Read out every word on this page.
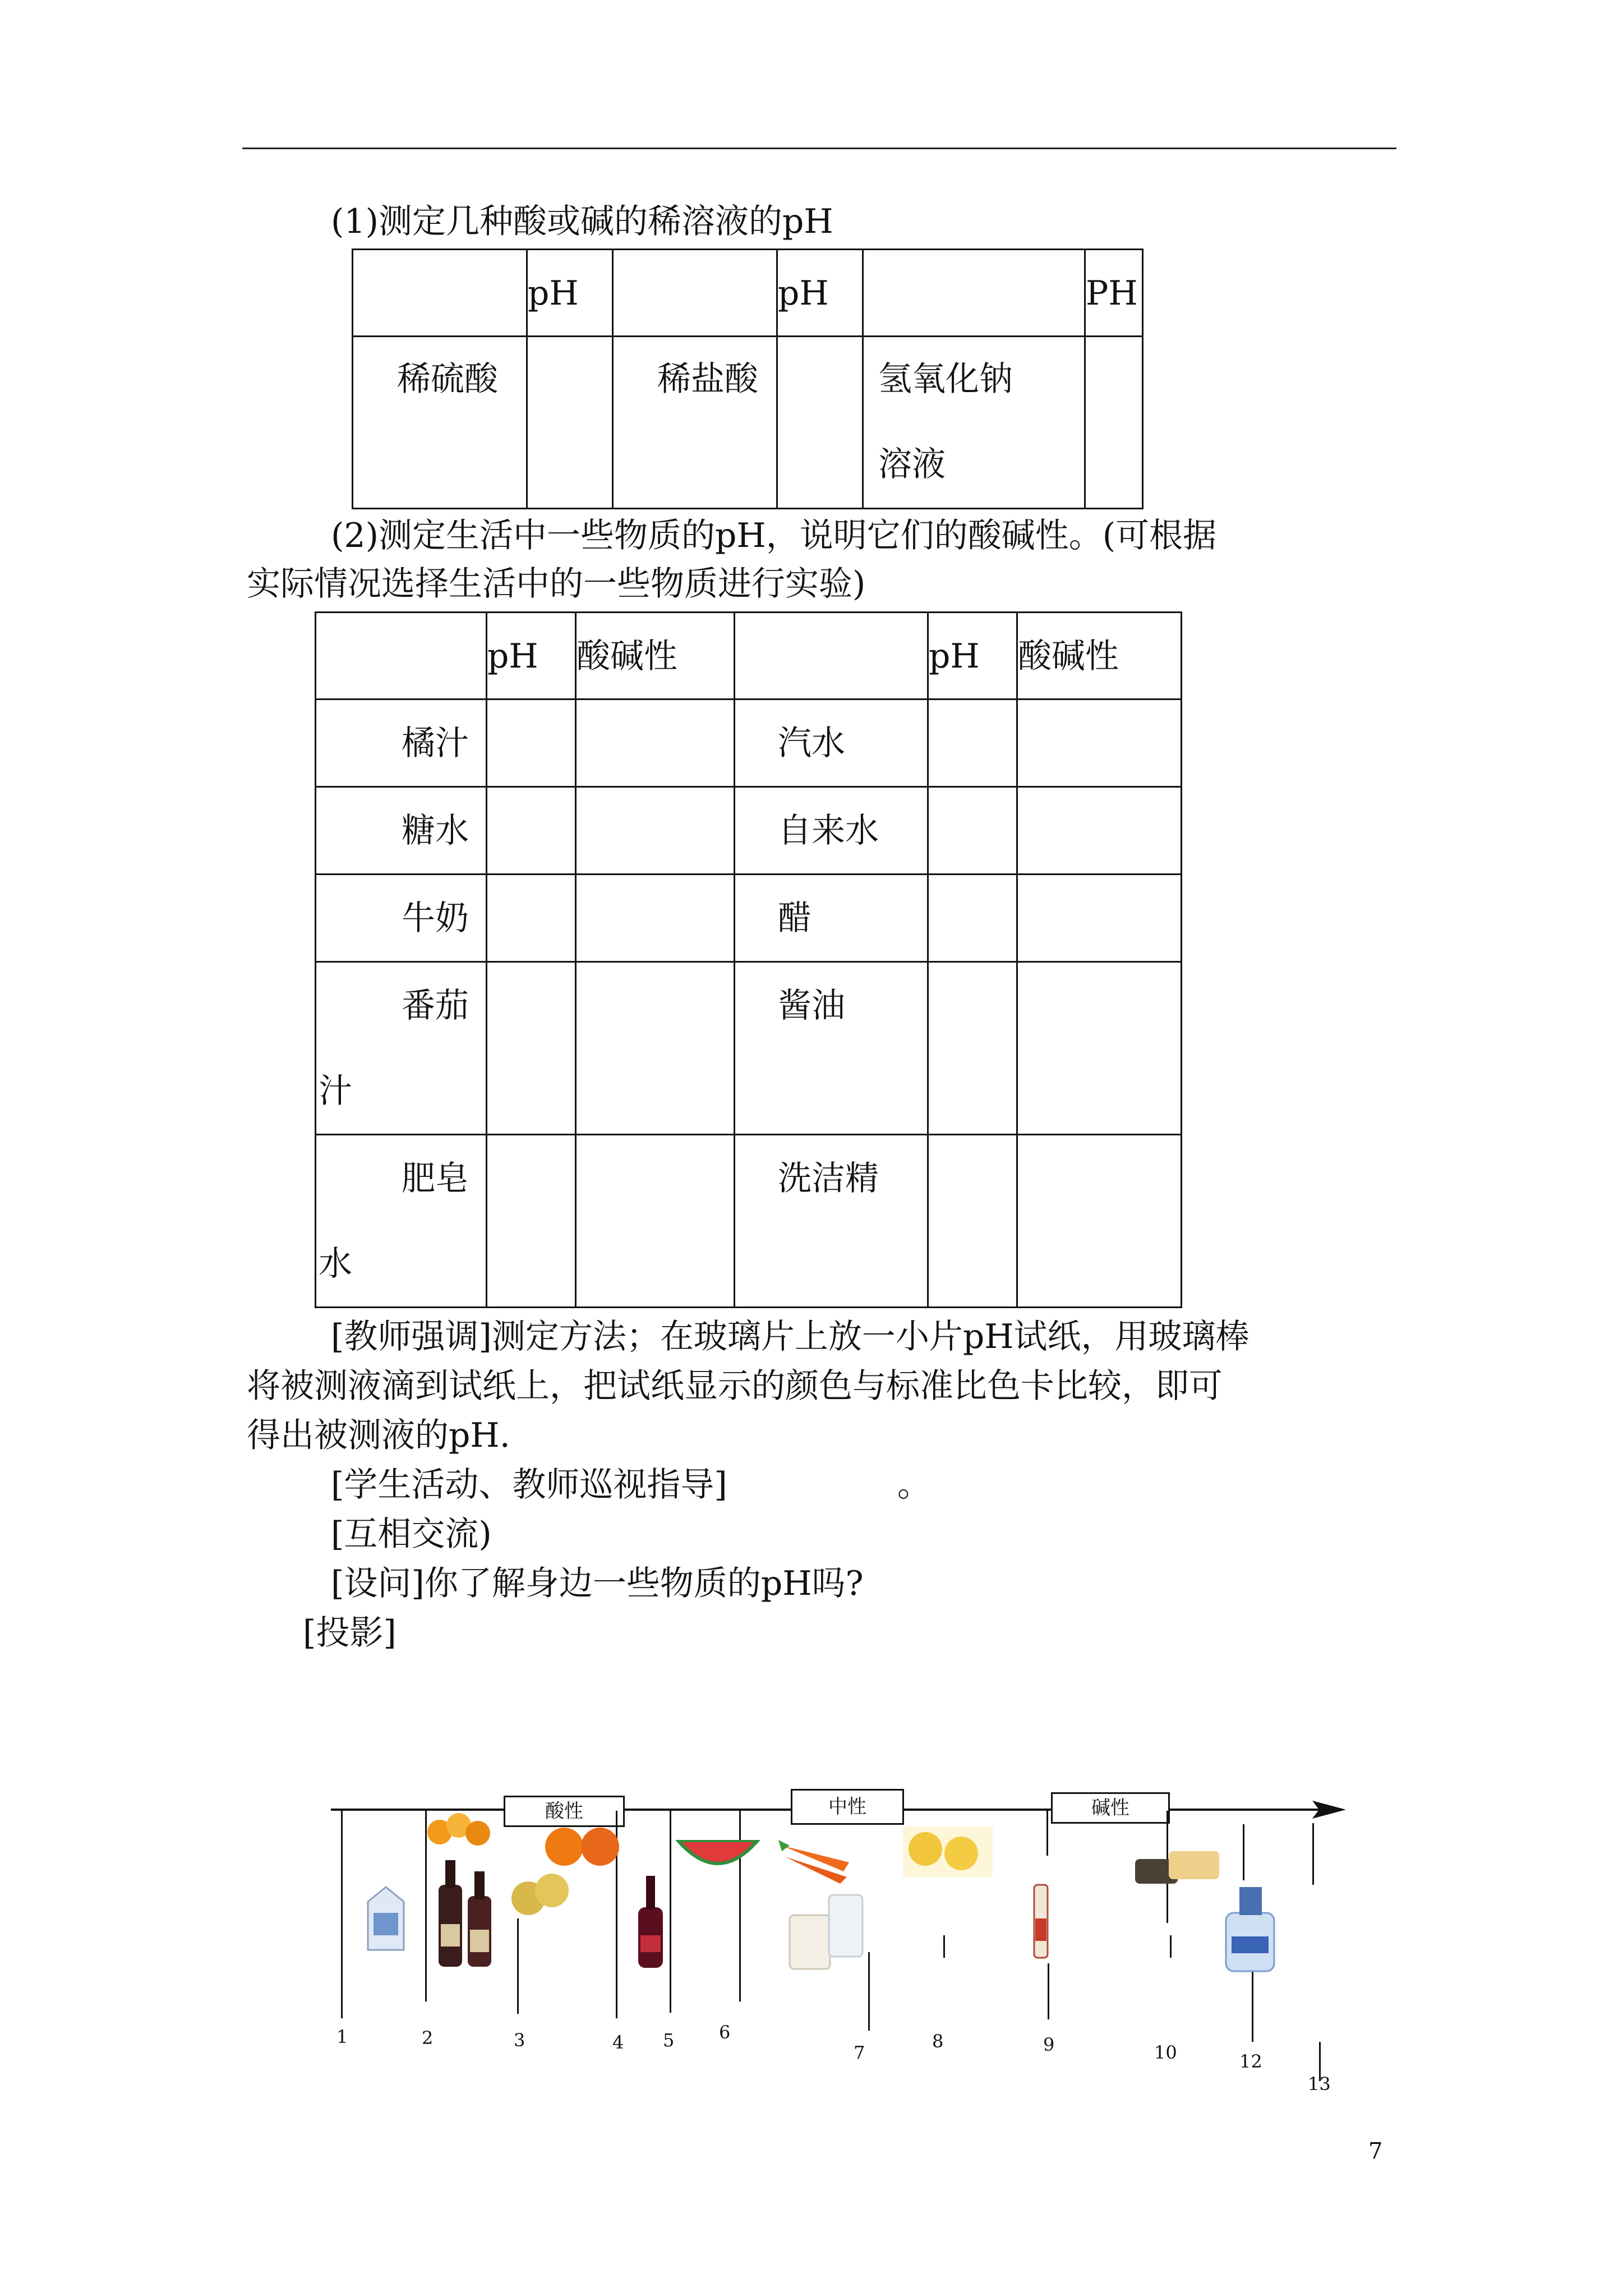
(1)测定几种酸或碱的稀溶液的pH

	pH		pH		PH

稀硫酸		稀盐酸		氢氧化钠
溶液	

(2)测定生活中一些物质的pH，说明它们的酸碱性。(可根据
实际情况选择生活中的一些物质进行实验)

	pH	酸碱性		pH	酸碱性

橘汁			汽水		

糖水			自来水		

牛奶			醋		

番茄
汁			酱油		

肥皂
水			洗洁精		

[教师强调]测定方法；在玻璃片上放一小片pH试纸，用玻璃棒
将被测液滴到试纸上，把试纸显示的颜色与标准比色卡比较，即可
得出被测液的pH.
[学生活动、教师巡视指导]	。
[互相交流)
[设问]你了解身边一些物质的pH吗?
[投影]
酸性	中性	碱性
1	2	3	4 5 6
7
8	9	10	12
13
7
